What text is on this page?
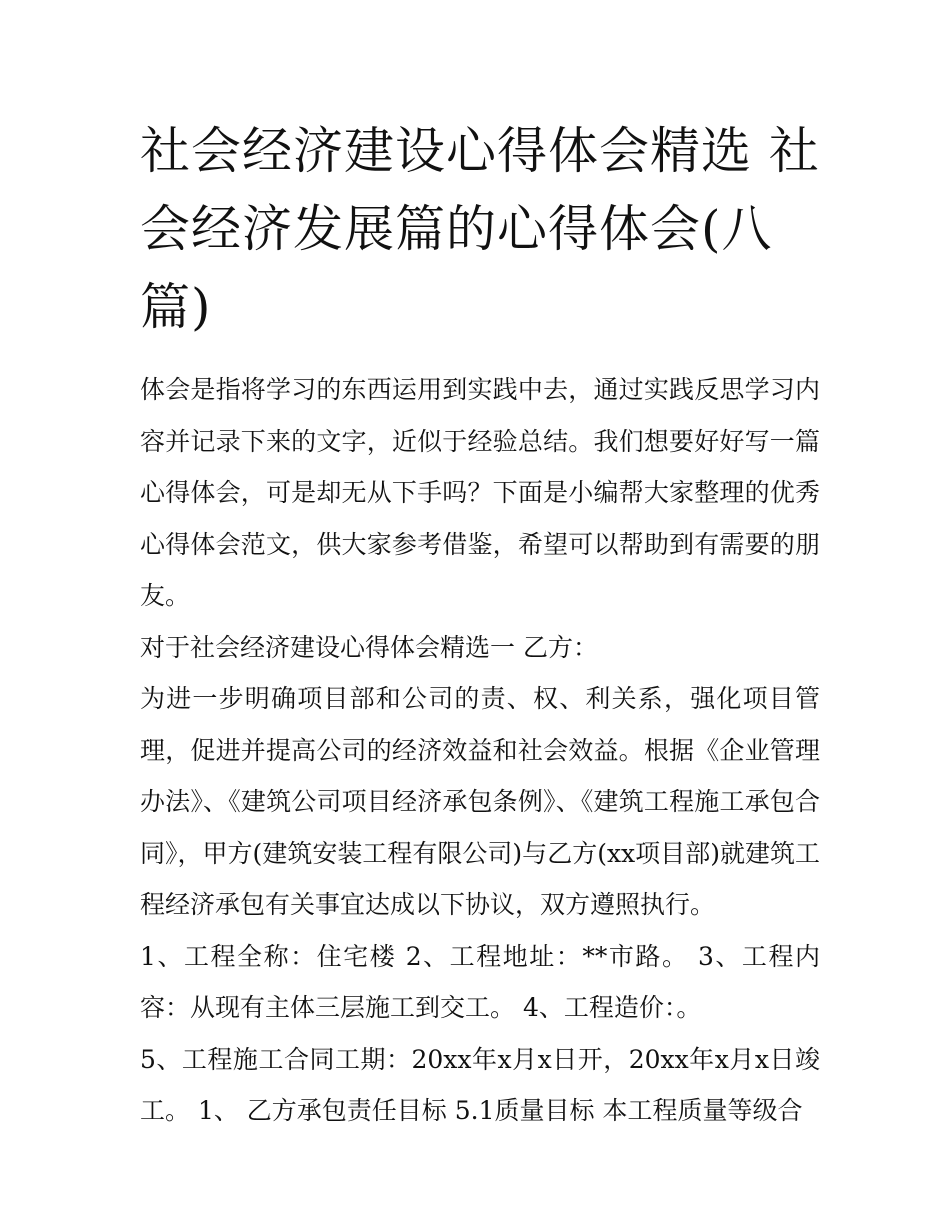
社会经济建设心得体会精选 社会经济发展篇的心得体会(八篇)

体会是指将学习的东西运用到实践中去，通过实践反思学习内容并记录下来的文字，近似于经验总结。我们想要好好写一篇心得体会，可是却无从下手吗？下面是小编帮大家整理的优秀心得体会范文，供大家参考借鉴，希望可以帮助到有需要的朋友。

对于社会经济建设心得体会精选一 乙方：

为进一步明确项目部和公司的责、权、利关系，强化项目管理，促进并提高公司的经济效益和社会效益。根据《企业管理办法》、《建筑公司项目经济承包条例》、《建筑工程施工承包合同》，甲方(建筑安装工程有限公司)与乙方(xx项目部)就建筑工程经济承包有关事宜达成以下协议，双方遵照执行。

1、工程全称：住宅楼 2、工程地址：**市路。 3、工程内容：从现有主体三层施工到交工。 4、工程造价：。

5、工程施工合同工期：20xx年x月x日开，20xx年x月x日竣工。 1、 乙方承包责任目标 5.1质量目标 本工程质量等级合
